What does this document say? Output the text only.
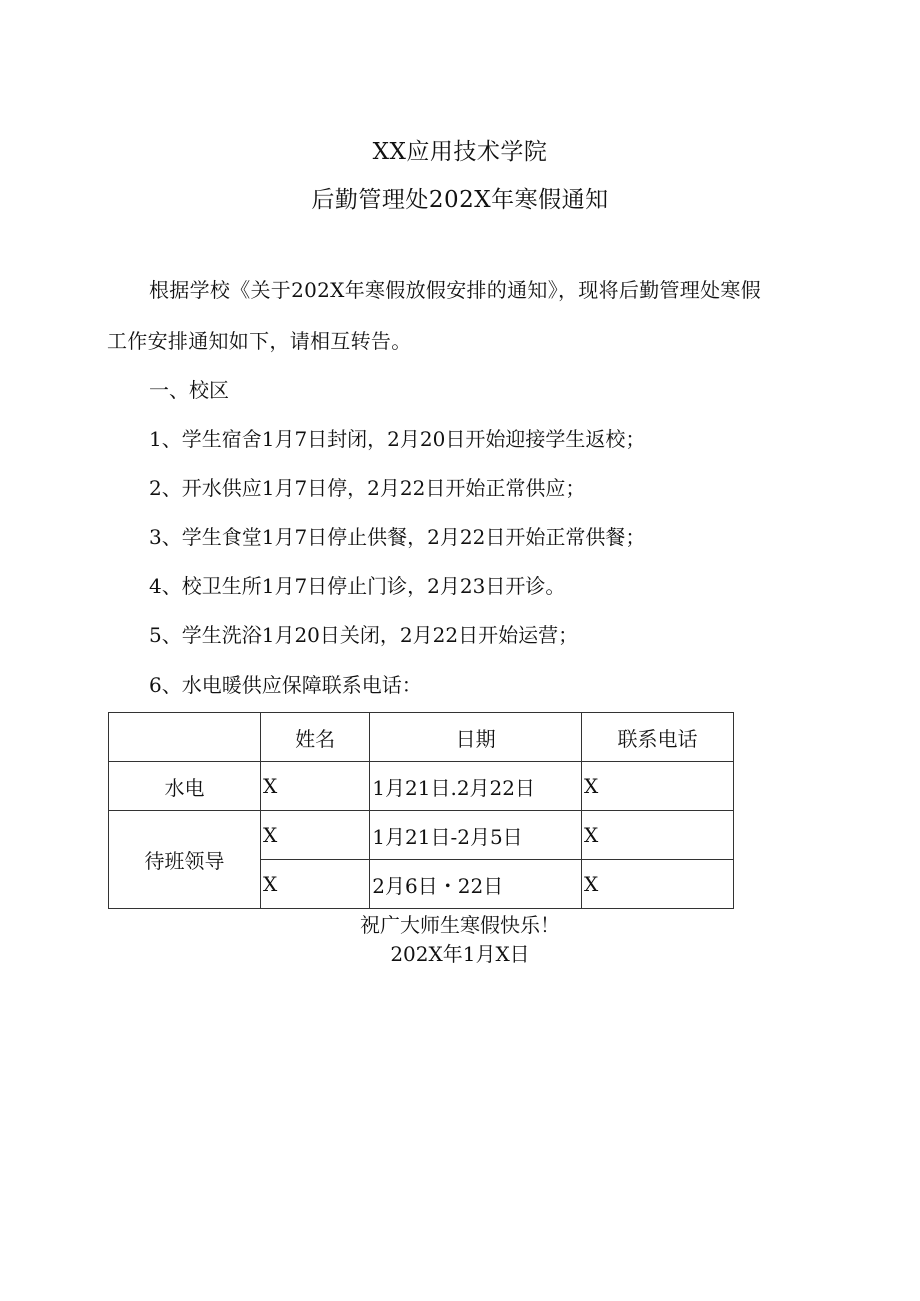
XX应用技术学院
后勤管理处202X年寒假通知
根据学校《关于202X年寒假放假安排的通知》，现将后勤管理处寒假
工作安排通知如下，请相互转告。
一、校区
1、学生宿舍1月7日封闭，2月20日开始迎接学生返校；
2、开水供应1月7日停，2月22日开始正常供应；
3、学生食堂1月7日停止供餐，2月22日开始正常供餐；
4、校卫生所1月7日停止门诊，2月23日开诊。
5、学生洗浴1月20日关闭，2月22日开始运营；
6、水电暖供应保障联系电话：
	姓名	日期	联系电话
水电	X	1月21日.2月22日	X
待班领导	X	1月21日-2月5日	X
	X	2月6日・22日	X
祝广大师生寒假快乐！
202X年1月X日
